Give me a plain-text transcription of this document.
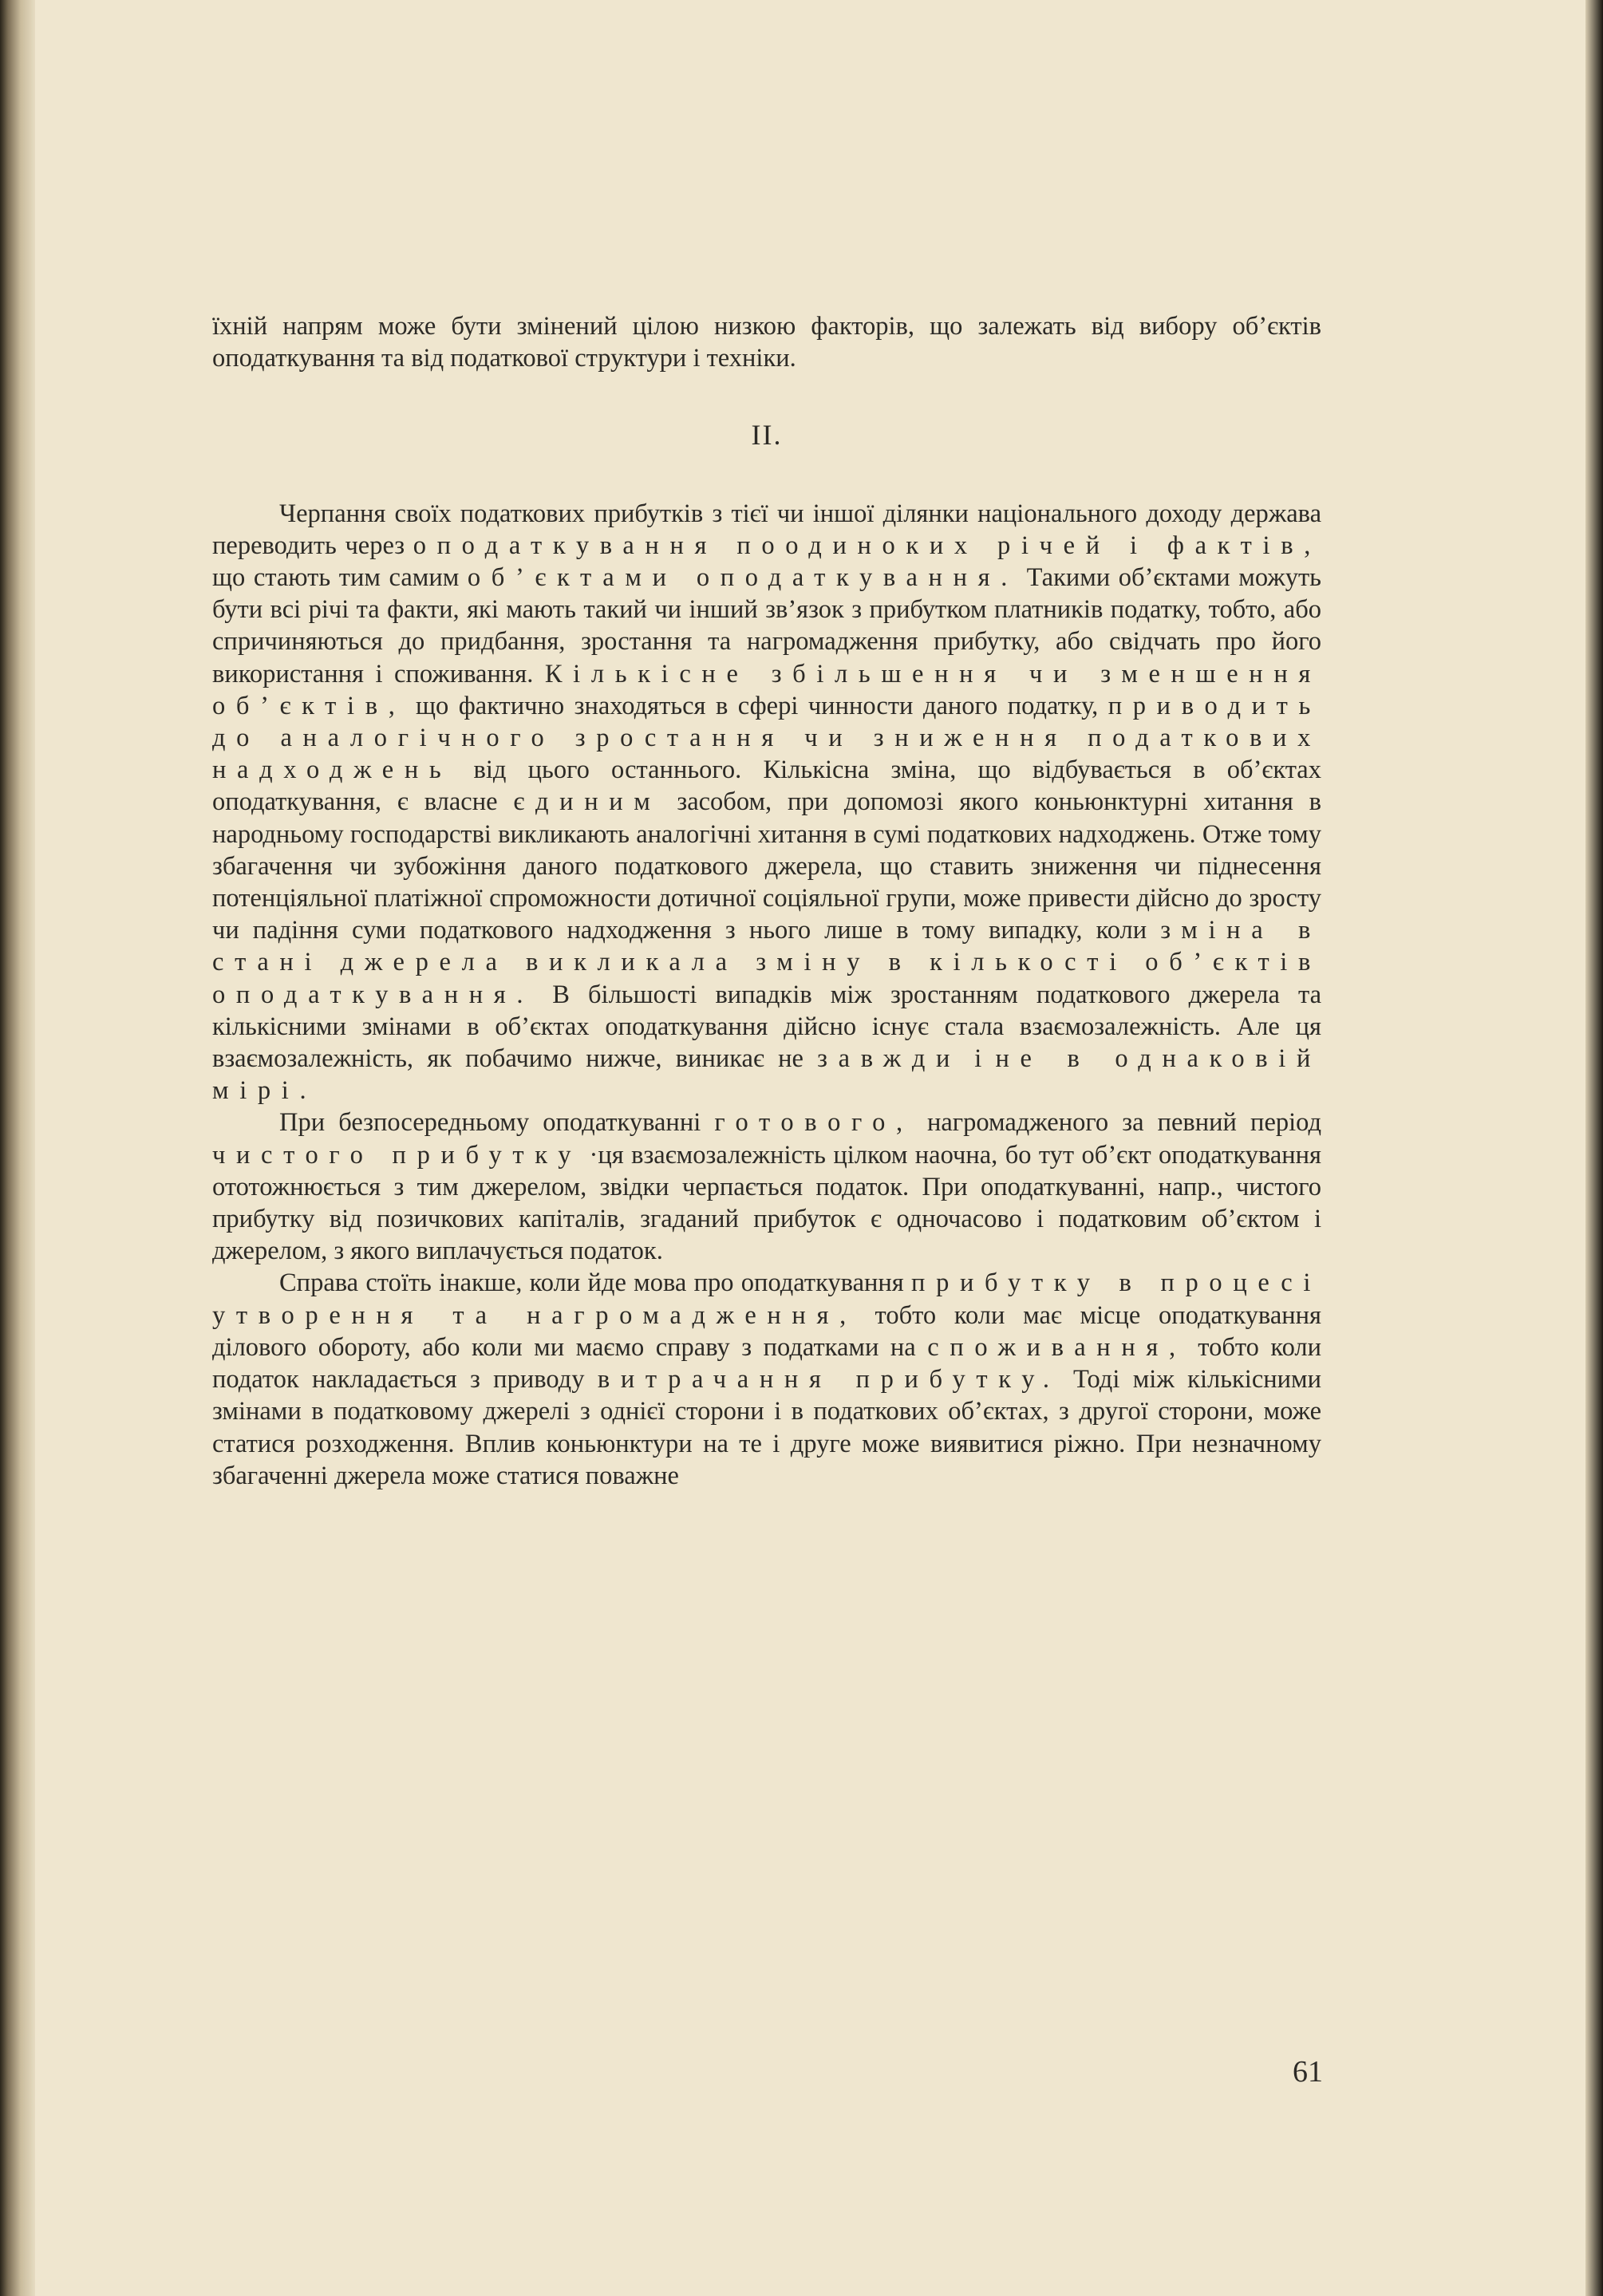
їхній напрям може бути змінений цілою низкою факторів, що залежать від вибору об’єктів оподаткування та від податкової структури і техніки.

II.

Черпання своїх податкових прибутків з тієї чи іншої ділянки національного доходу держава переводить через оподаткування поодиноких річей і фактів, що стають тим самим об’єктами оподаткування. Такими об’єктами можуть бути всі річі та факти, які мають такий чи інший зв’язок з прибутком платників податку, тобто, або спричиняються до придбання, зростання та нагромадження прибутку, або свідчать про його використання і споживання. Кількісне збільшення чи зменшення об’єктів, що фактично знаходяться в сфері чинности даного податку, приводить до аналогічного зростання чи зниження податкових надходжень від цього останнього. Кількісна зміна, що відбувається в об’єктах оподаткування, є власне єдиним засобом, при допомозі якого коньюнктурні хитання в народньому господарстві викликають аналогічні хитання в сумі податкових надходжень. Отже тому збагачення чи зубожіння даного податкового джерела, що ставить зниження чи піднесення потенціяльної платіжної спроможности дотичної соціяльної групи, може привести дійсно до зросту чи падіння суми податкового надходження з нього лише в тому випадку, коли зміна в стані джерела викликала зміну в кількості об’єктів оподаткування. В більшості випадків між зростанням податкового джерела та кількісними змінами в об’єктах оподаткування дійсно існує стала взаємозалежність. Але ця взаємозалежність, як побачимо нижче, виникає не завжди і не в однаковій мірі.

При безпосередньому оподаткуванні готового, нагромадженого за певний період чистого прибутку ·ця взаємозалежність цілком наочна, бо тут об’єкт оподаткування ототожнюється з тим джерелом, звідки черпається податок. При оподаткуванні, напр., чистого прибутку від позичкових капіталів, згаданий прибуток є одночасово і податковим об’єктом і джерелом, з якого виплачується податок.

Справа стоїть інакше, коли йде мова про оподаткування прибутку в процесі утворення та нагромадження, тобто коли має місце оподаткування ділового обороту, або коли ми маємо справу з податками на споживання, тобто коли податок накладається з приводу витрачання прибутку. Тоді між кількісними змінами в податковому джерелі з однієї сторони і в податкових об’єктах, з другої сторони, може статися розходження. Вплив коньюнктури на те і друге може виявитися ріжно. При незначному збагаченні джерела може статися поважне

61
